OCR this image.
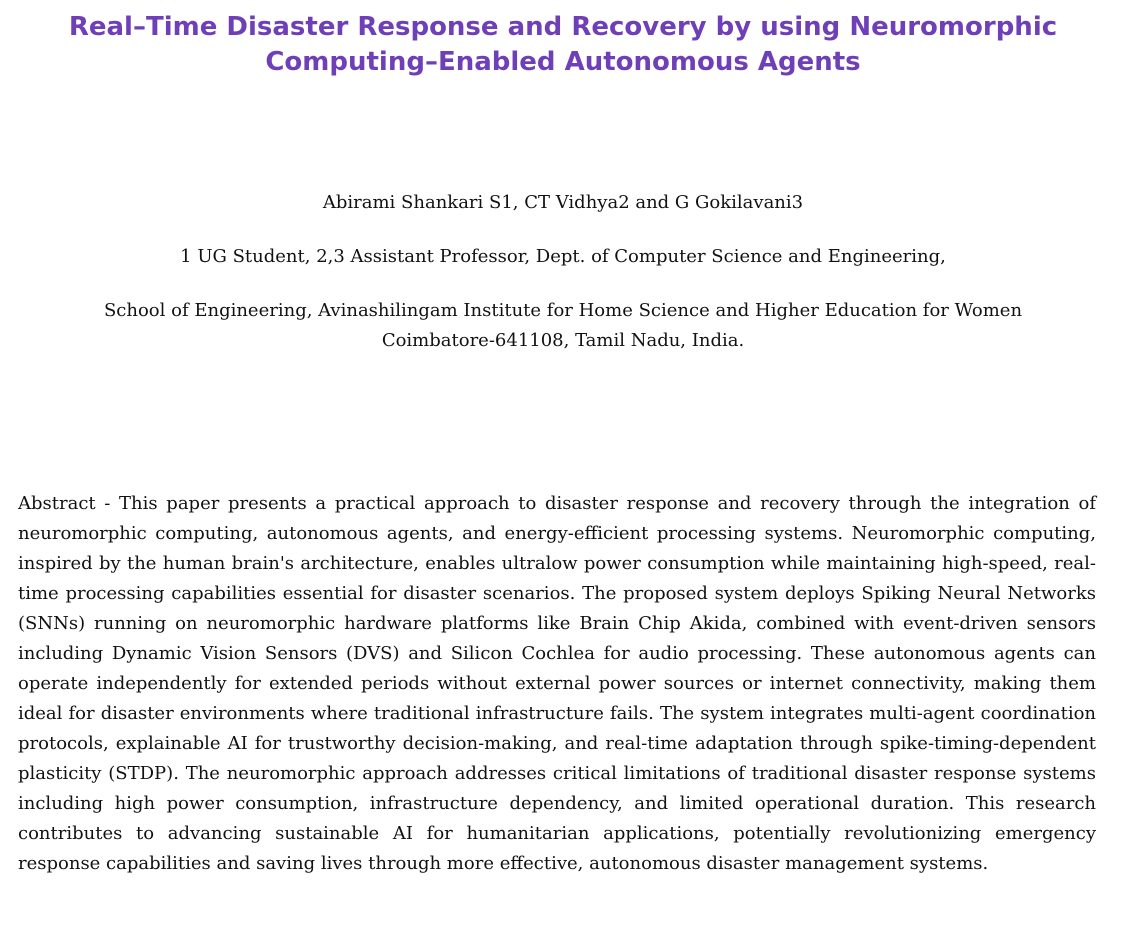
Real–Time Disaster Response and Recovery by using Neuromorphic Computing–Enabled Autonomous Agents

Abirami Shankari S1, CT Vidhya2 and G Gokilavani3

1 UG Student, 2,3 Assistant Professor, Dept. of Computer Science and Engineering,

School of Engineering, Avinashilingam Institute for Home Science and Higher Education for Women

Coimbatore-641108, Tamil Nadu, India.

Abstract - This paper presents a practical approach to disaster response and recovery through the integration of neuromorphic computing, autonomous agents, and energy-efficient processing systems. Neuromorphic computing, inspired by the human brain's architecture, enables ultralow power consumption while maintaining high-speed, real-time processing capabilities essential for disaster scenarios. The proposed system deploys Spiking Neural Networks (SNNs) running on neuromorphic hardware platforms like Brain Chip Akida, combined with event-driven sensors including Dynamic Vision Sensors (DVS) and Silicon Cochlea for audio processing. These autonomous agents can operate independently for extended periods without external power sources or internet connectivity, making them ideal for disaster environments where traditional infrastructure fails. The system integrates multi-agent coordination protocols, explainable AI for trustworthy decision-making, and real-time adaptation through spike-timing-dependent plasticity (STDP). The neuromorphic approach addresses critical limitations of traditional disaster response systems including high power consumption, infrastructure dependency, and limited operational duration. This research contributes to advancing sustainable AI for humanitarian applications, potentially revolutionizing emergency response capabilities and saving lives through more effective, autonomous disaster management systems.
